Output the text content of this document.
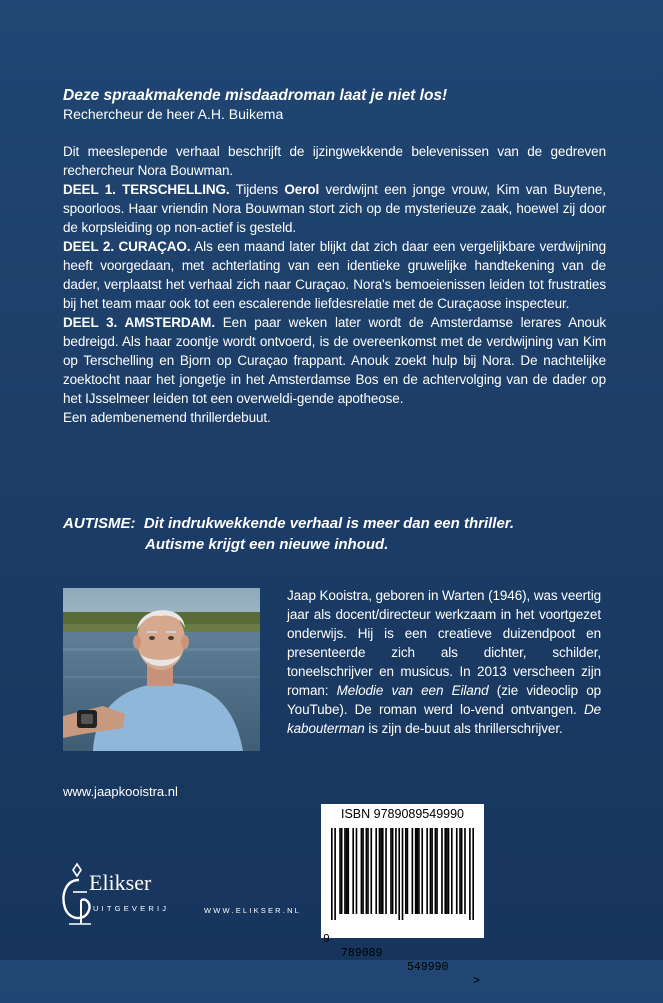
Deze spraakmakende misdaadroman laat je niet los!
Rechercheur de heer A.H. Buikema

Dit meeslepende verhaal beschrijft de ijzingwekkende belevenissen van de gedreven rechercheur Nora Bouwman.

DEEL 1. TERSCHELLING. Tijdens Oerol verdwijnt een jonge vrouw, Kim van Buytene, spoorloos. Haar vriendin Nora Bouwman stort zich op de mysterieuze zaak, hoewel zij door de korpsleiding op non-actief is gesteld.

DEEL 2. CURAÇAO. Als een maand later blijkt dat zich daar een vergelijkbare verdwijning heeft voorgedaan, met achterlating van een identieke gruwelijke handtekening van de dader, verplaatst het verhaal zich naar Curaçao. Nora's bemoeienissen leiden tot frustraties bij het team maar ook tot een escalerende liefdesrelatie met de Curaçaose inspecteur.

DEEL 3. AMSTERDAM. Een paar weken later wordt de Amsterdamse lerares Anouk bedreigd. Als haar zoontje wordt ontvoerd, is de overeenkomst met de verdwijning van Kim op Terschelling en Bjorn op Curaçao frappant. Anouk zoekt hulp bij Nora. De nachtelijke zoektocht naar het jongetje in het Amsterdamse Bos en de achtervolging van de dader op het IJsselmeer leiden tot een overweldi-gende apotheose.

Een adembenemend thrillerdebuut.

AUTISME: Dit indrukwekkende verhaal is meer dan een thriller.
Autisme krijgt een nieuwe inhoud.
Jaap Kooistra, geboren in Warten (1946), was veertig jaar als docent/directeur werkzaam in het voortgezet onderwijs. Hij is een creatieve duizendpoot en presenteerde zich als dichter, schilder, toneelschrijver en musicus. In 2013 verscheen zijn roman: Melodie van een Eiland (zie videoclip op YouTube). De roman werd lo-vend ontvangen. De kabouterman is zijn de-buut als thrillerschrijver.
www.jaapkooistra.nl
ISBN 9789089549990

9

789089

549990

>

Elikser
UITGEVERIJ	WWW.ELIKSER.NL
